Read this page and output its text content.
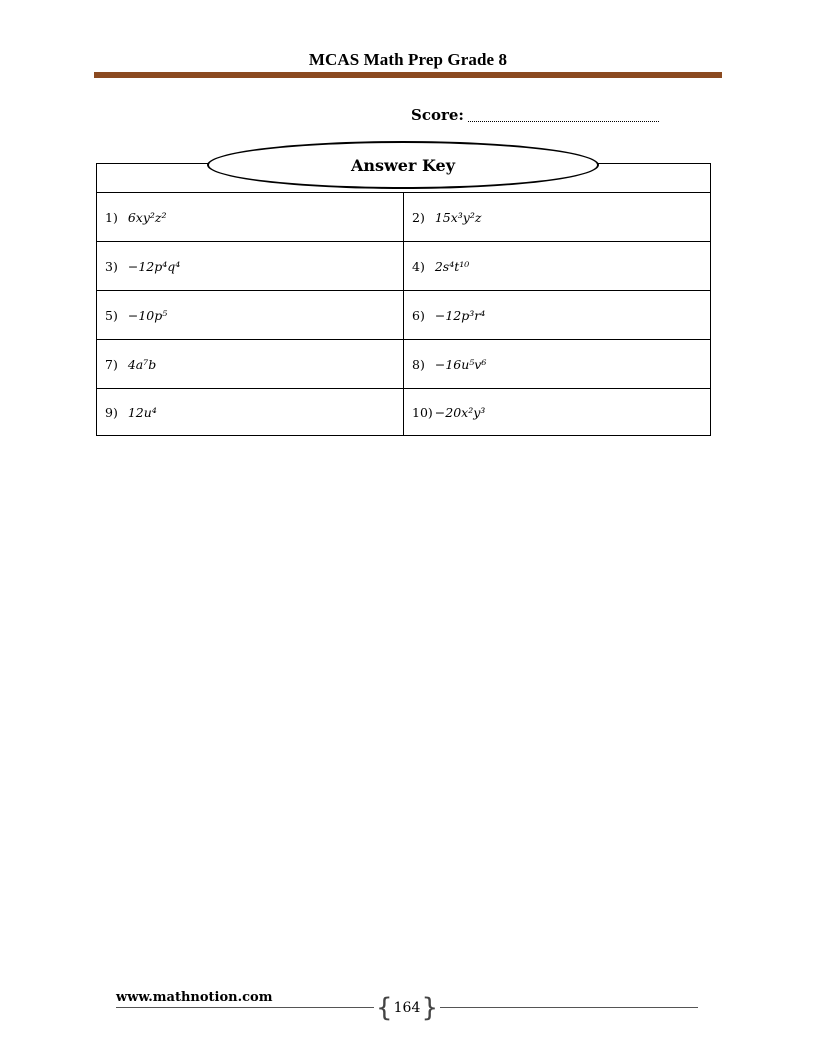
MCAS Math Prep Grade 8
Score:
1) 6xy²z²	2) 15x³y²z
3) −12p⁴q⁴	4) 2s⁴t¹⁰
5) −10p⁵	6) −12p³r⁴
7) 4a⁷b	8) −16u⁵v⁶
9) 12u⁴	10) −20x²y³
Answer Key
www.mathnotion.com	{ 164 }
